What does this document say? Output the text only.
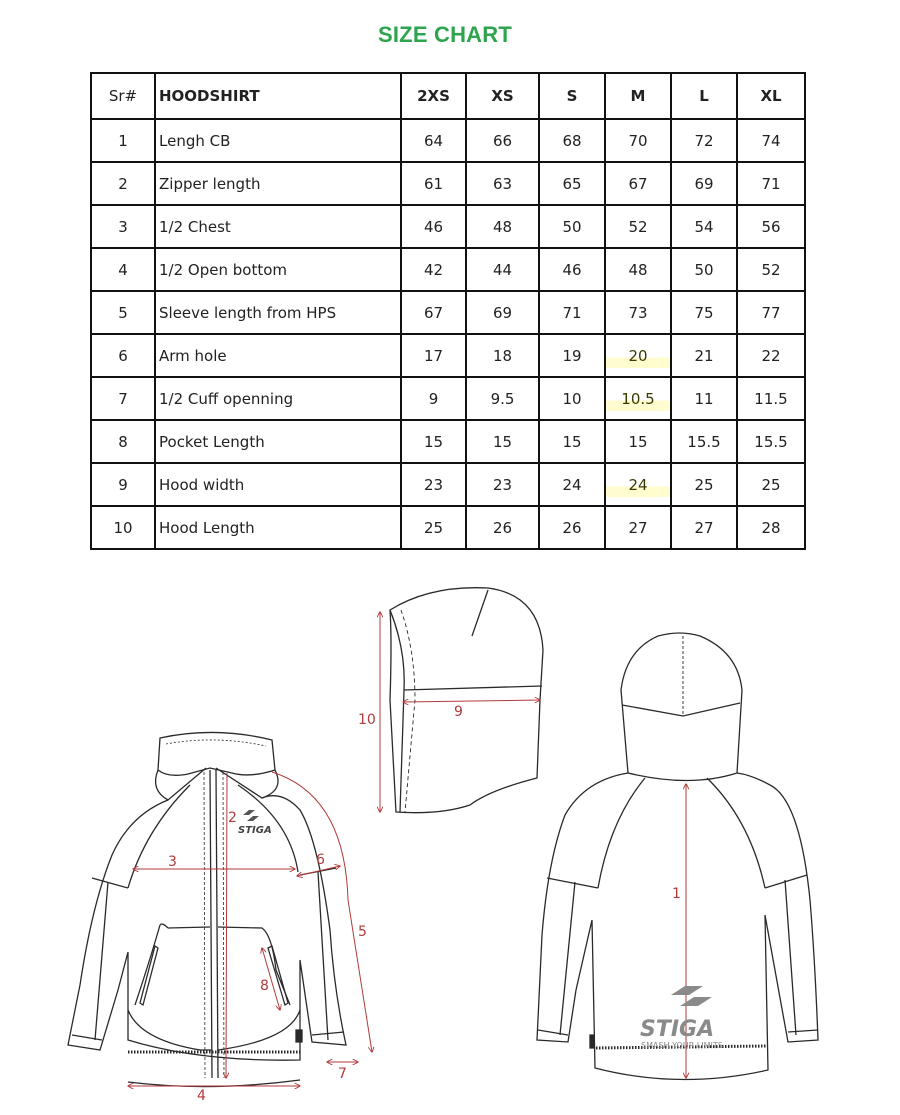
SIZE CHART
Sr#	HOODSHIRT	2XS	XS	S	M	L	XL
1	Lengh CB	64	66	68	70	72	74
2	Zipper length	61	63	65	67	69	71
3	1/2 Chest	46	48	50	52	54	56
4	1/2 Open bottom	42	44	46	48	50	52
5	Sleeve length from HPS	67	69	71	73	75	77
6	Arm hole	17	18	19	20	21	22
7	1/2 Cuff openning	9	9.5	10	10.5	11	11.5
8	Pocket Length	15	15	15	15	15.5	15.5
9	Hood width	23	23	24	24	25	25
10	Hood Length	25	26	26	27	27	28
STIGA
2
3	6
5
8
4
7
10	9
1
STIGA
SMASH YOUR LIMITS
